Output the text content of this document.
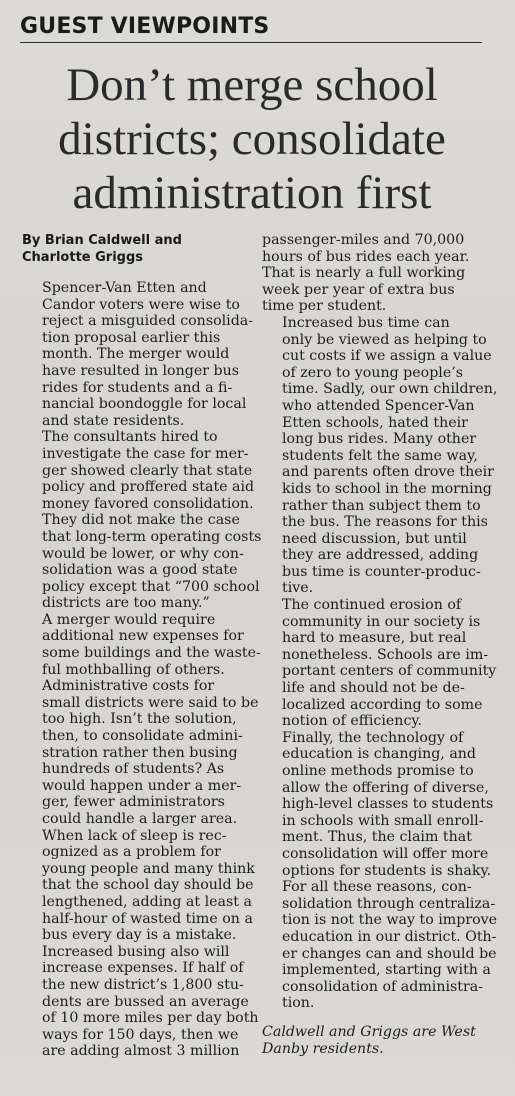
GUEST VIEWPOINTS
Don’t merge school
districts; consolidate
administration first
By Brian Caldwell and
Charlotte Griggs

Spencer-Van Etten and
Candor voters were wise to
reject a misguided consolida-
tion proposal earlier this
month. The merger would
have resulted in longer bus
rides for students and a fi-
nancial boondoggle for local
and state residents.

The consultants hired to
investigate the case for mer-
ger showed clearly that state
policy and proffered state aid
money favored consolidation.
They did not make the case
that long-term operating costs
would be lower, or why con-
solidation was a good state
policy except that “700 school
districts are too many.”

A merger would require
additional new expenses for
some buildings and the waste-
ful mothballing of others.
Administrative costs for
small districts were said to be
too high. Isn’t the solution,
then, to consolidate admini-
stration rather then busing
hundreds of students? As
would happen under a mer-
ger, fewer administrators
could handle a larger area.

When lack of sleep is rec-
ognized as a problem for
young people and many think
that the school day should be
lengthened, adding at least a
half-hour of wasted time on a
bus every day is a mistake.
Increased busing also will
increase expenses. If half of
the new district’s 1,800 stu-
dents are bussed an average
of 10 more miles per day both
ways for 150 days, then we
are adding almost 3 million

passenger-miles and 70,000
hours of bus rides each year.
That is nearly a full working
week per year of extra bus
time per student.

Increased bus time can
only be viewed as helping to
cut costs if we assign a value
of zero to young people’s
time. Sadly, our own children,
who attended Spencer-Van
Etten schools, hated their
long bus rides. Many other
students felt the same way,
and parents often drove their
kids to school in the morning
rather than subject them to
the bus. The reasons for this
need discussion, but until
they are addressed, adding
bus time is counter-produc-
tive.

The continued erosion of
community in our society is
hard to measure, but real
nonetheless. Schools are im-
portant centers of community
life and should not be de-
localized according to some
notion of efficiency.

Finally, the technology of
education is changing, and
online methods promise to
allow the offering of diverse,
high-level classes to students
in schools with small enroll-
ment. Thus, the claim that
consolidation will offer more
options for students is shaky.

For all these reasons, con-
solidation through centraliza-
tion is not the way to improve
education in our district. Oth-
er changes can and should be
implemented, starting with a
consolidation of administra-
tion.

Caldwell and Griggs are West
Danby residents.
